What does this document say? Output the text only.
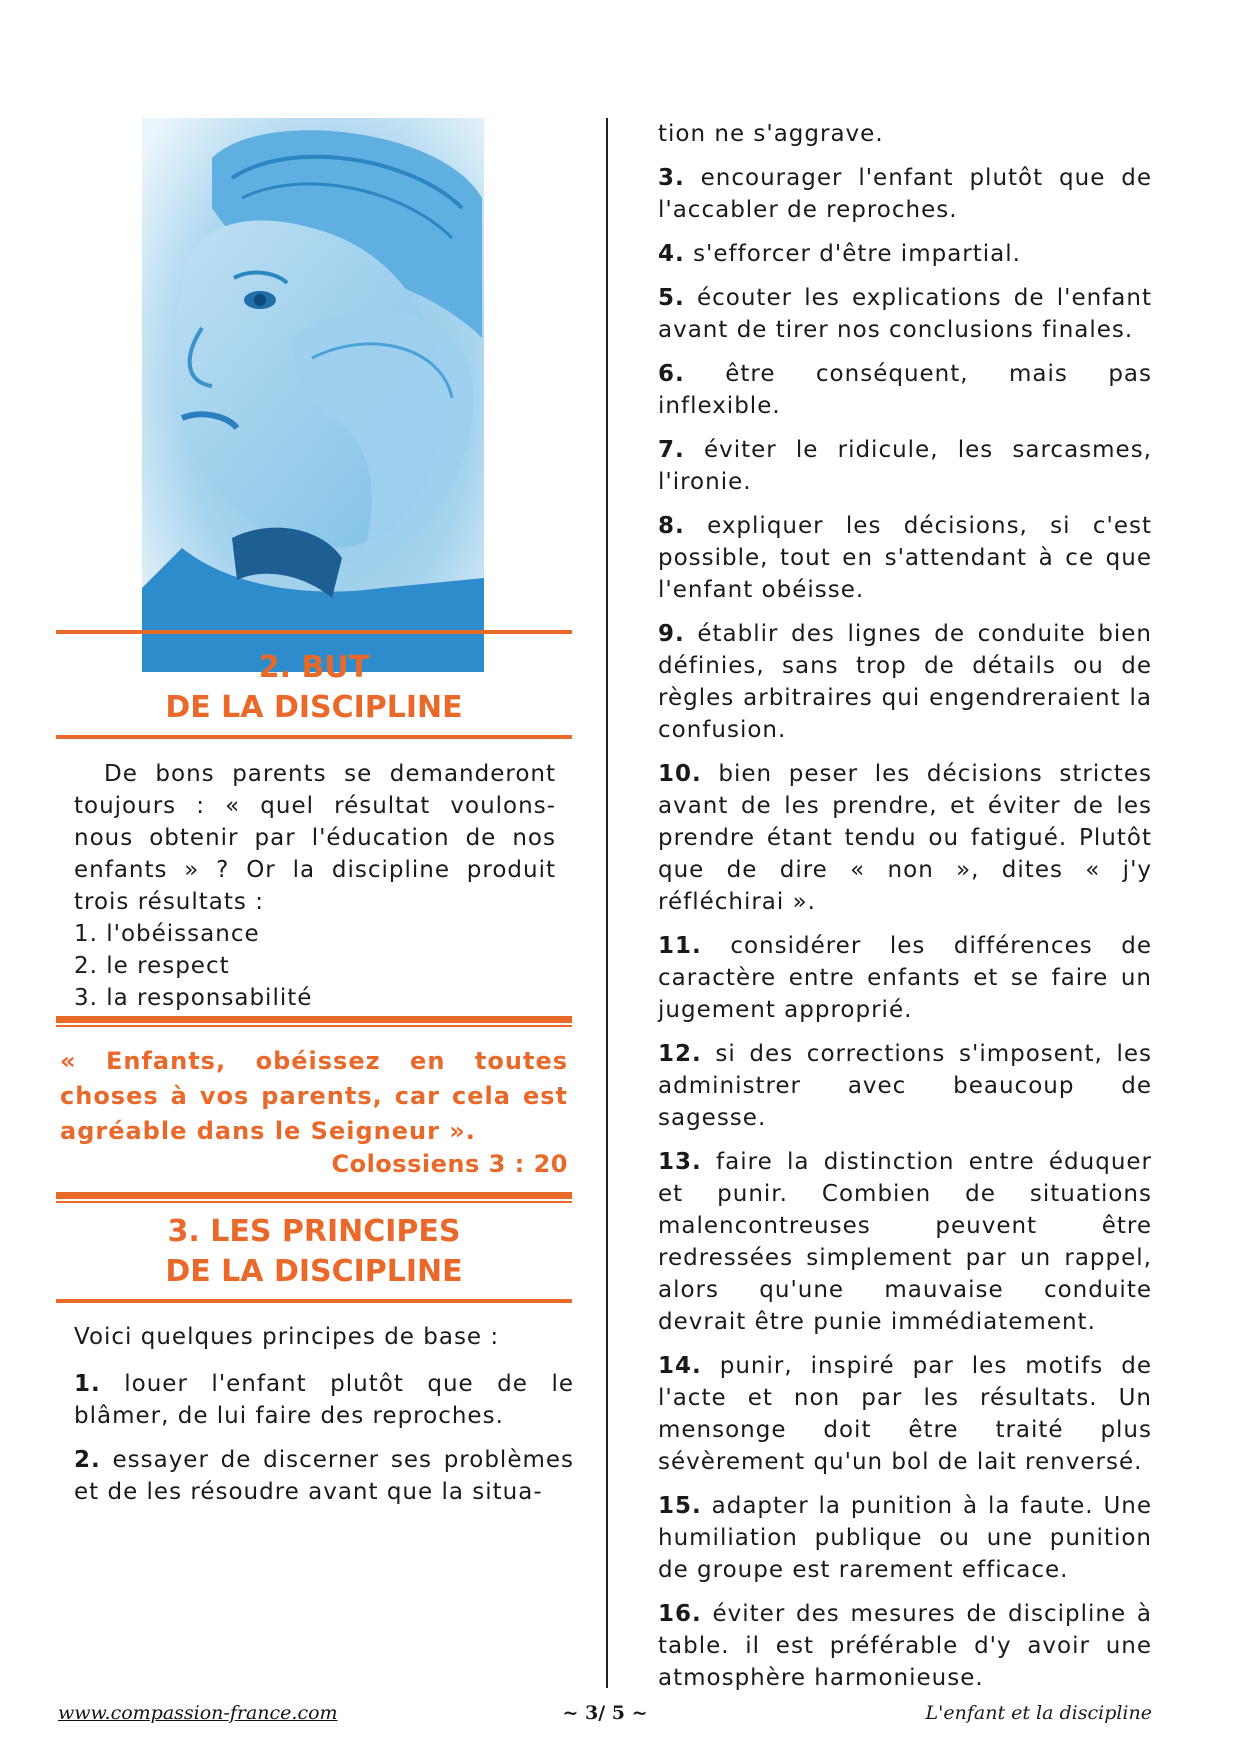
2. BUT
DE LA DISCIPLINE
De bons parents se demanderont toujours : « quel résultat voulons-nous obtenir par l'éducation de nos enfants » ? Or la discipline produit trois résultats :
1. l'obéissance
2. le respect
3. la responsabilité
« Enfants, obéissez en toutes choses à vos parents, car cela est agréable dans le Seigneur ».
Colossiens 3 : 20
3. LES PRINCIPES
DE LA DISCIPLINE
Voici quelques principes de base :

1. louer l'enfant plutôt que de le blâmer, de lui faire des reproches.

2. essayer de discerner ses problèmes et de les résoudre avant que la situa-

tion ne s'aggrave.

3. encourager l'enfant plutôt que de l'accabler de reproches.

4. s'efforcer d'être impartial.

5. écouter les explications de l'enfant avant de tirer nos conclusions finales.

6. être conséquent, mais pas inflexible.

7. éviter le ridicule, les sarcasmes, l'ironie.

8. expliquer les décisions, si c'est possible, tout en s'attendant à ce que l'enfant obéisse.

9. établir des lignes de conduite bien définies, sans trop de détails ou de règles arbitraires qui engendreraient la confusion.

10. bien peser les décisions strictes avant de les prendre, et éviter de les prendre étant tendu ou fatigué. Plutôt que de dire « non », dites « j'y réfléchirai ».

11. considérer les différences de caractère entre enfants et se faire un jugement approprié.

12. si des corrections s'imposent, les administrer avec beaucoup de sagesse.

13. faire la distinction entre éduquer et punir. Combien de situations malencontreuses peuvent être redressées simplement par un rappel, alors qu'une mauvaise conduite devrait être punie immédiatement.

14. punir, inspiré par les motifs de l'acte et non par les résultats. Un mensonge doit être traité plus sévèrement qu'un bol de lait renversé.

15. adapter la punition à la faute. Une humiliation publique ou une punition de groupe est rarement efficace.

16. éviter des mesures de discipline à table. il est préférable d'y avoir une atmosphère harmonieuse.

www.compassion-france.com	~ 3/ 5 ~	L'enfant et la discipline
